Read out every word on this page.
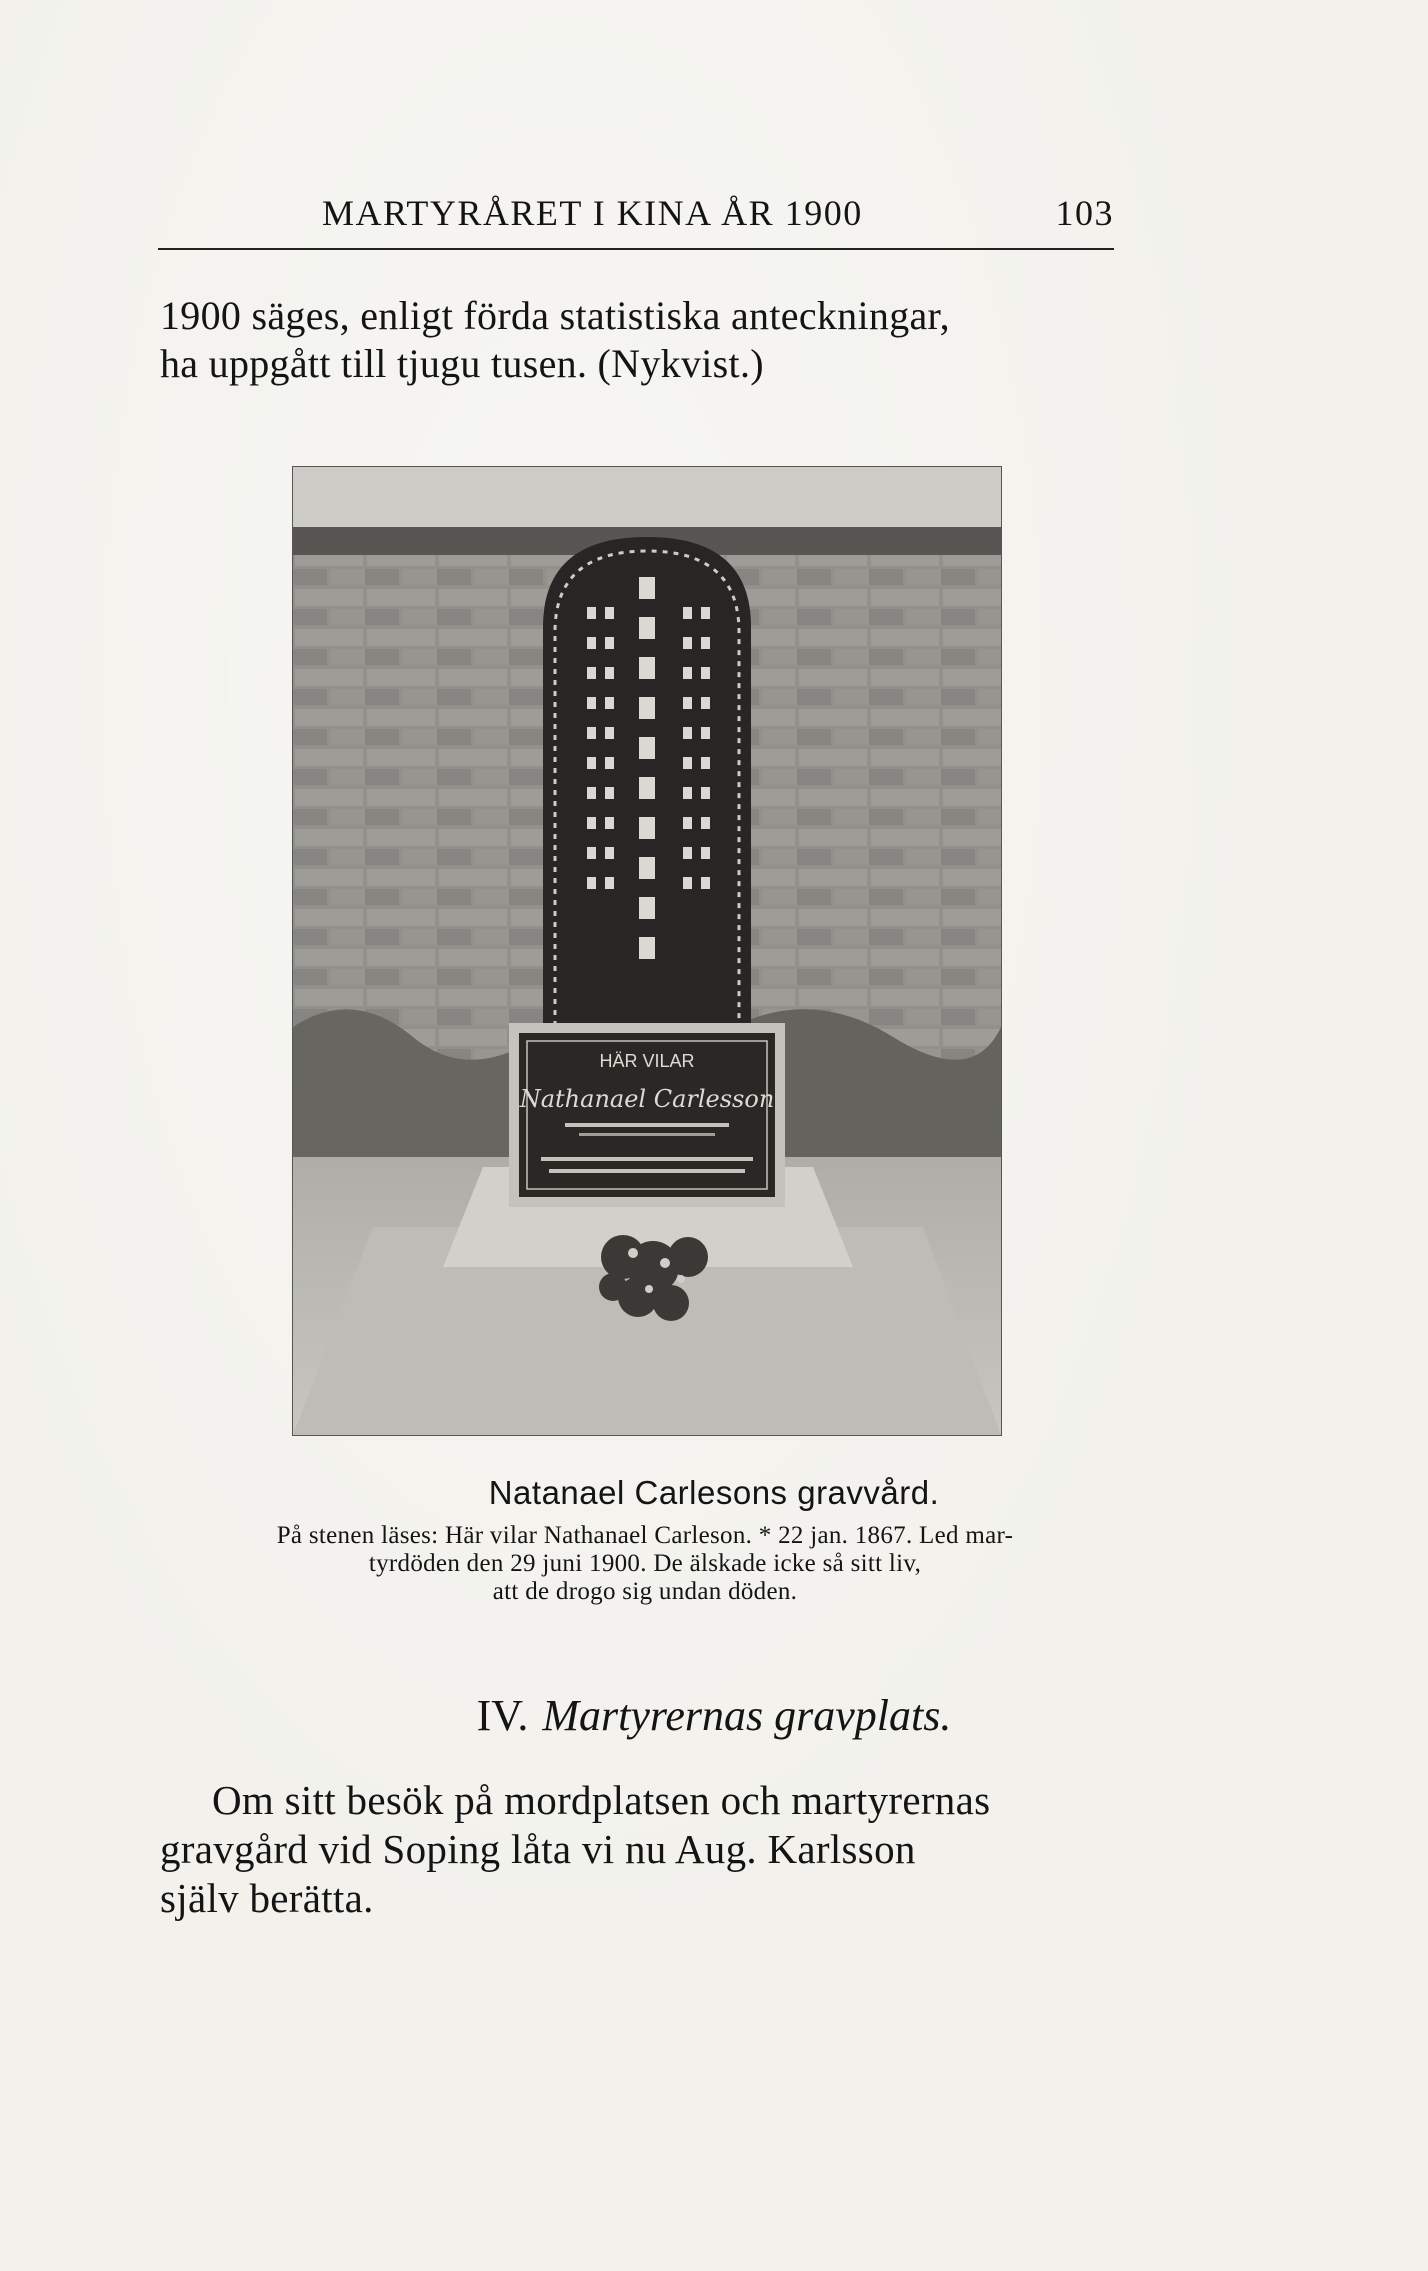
MARTYRÅRET I KINA ÅR 1900	103
1900 säges, enligt förda statistiska anteckningar,
ha uppgått till tjugu tusen. (Nykvist.)
HÄR VILAR
Nathanael Carlesson
Natanael Carlesons gravvård.
På stenen läses: Här vilar Nathanael Carleson. * 22 jan. 1867. Led mar-
tyrdöden den 29 juni 1900. De älskade icke så sitt liv,
att de drogo sig undan döden.
IV. Martyrernas gravplats.
Om sitt besök på mordplatsen och martyrernas
gravgård vid Soping låta vi nu Aug. Karlsson
själv berätta.
